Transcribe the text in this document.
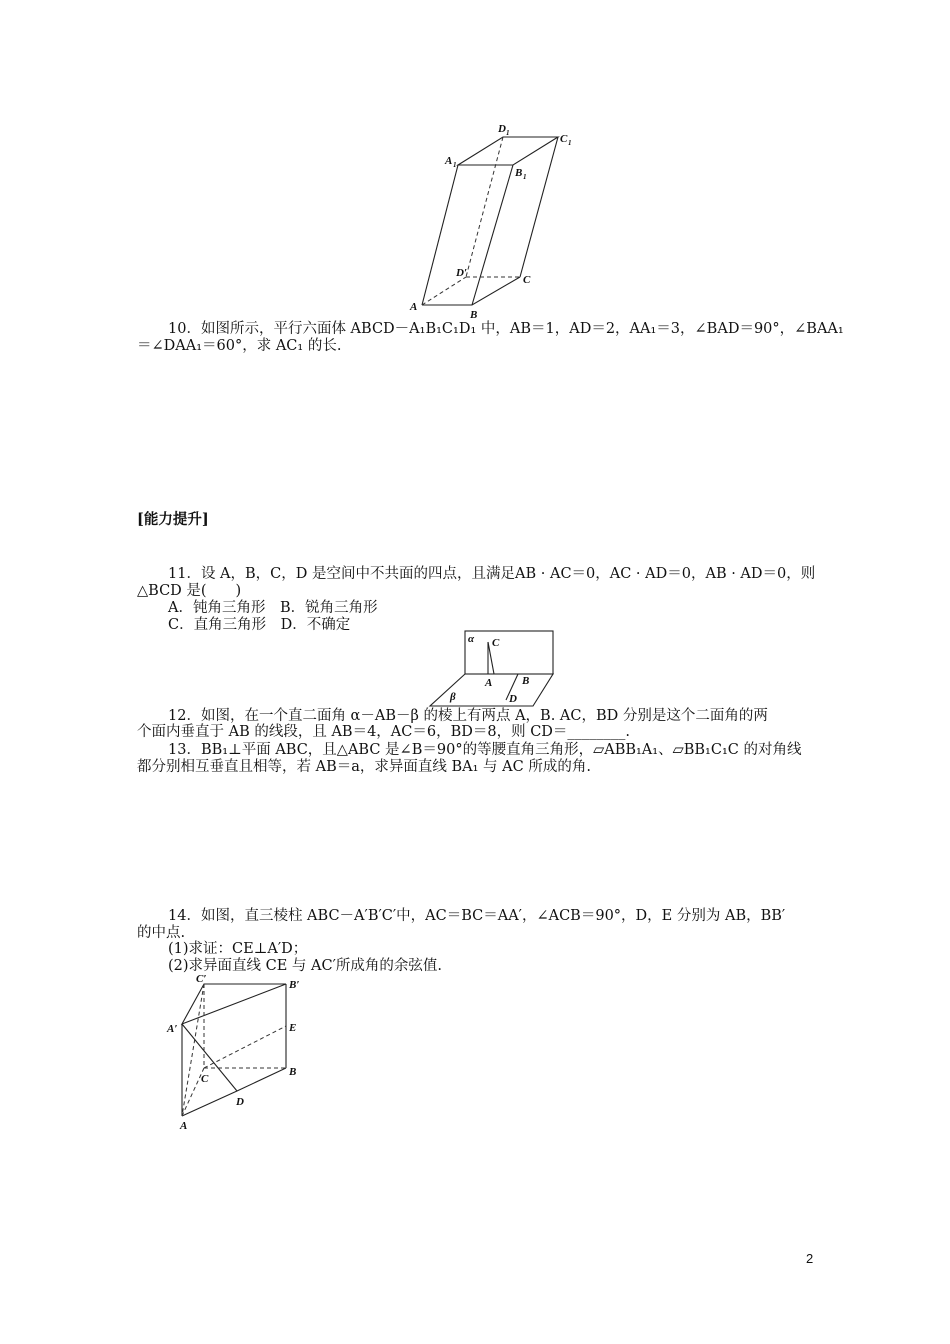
D 1	C 1
A 1
B 1
D′
C
A
B
10．如图所示，平行六面体 ABCD－A₁B₁C₁D₁ 中，AB＝1，AD＝2，AA₁＝3，∠BAD＝90°，∠BAA₁
＝∠DAA₁＝60°，求 AC₁ 的长.
[能力提升]
11．设 A，B，C，D 是空间中不共面的四点，且满足AB · AC＝0，AC · AD＝0，AB · AD＝0，则
△BCD 是(　　)
A．钝角三角形　B．锐角三角形
C．直角三角形　D．不确定
α C
A	B
β	D
12．如图，在一个直二面角 α－AB－β 的棱上有两点 A，B. AC，BD 分别是这个二面角的两
个面内垂直于 AB 的线段，且 AB＝4，AC＝6，BD＝8，则 CD＝________.
13．BB₁⊥平面 ABC，且△ABC 是∠B＝90°的等腰直角三角形，▱ABB₁A₁、▱BB₁C₁C 的对角线
都分别相互垂直且相等，若 AB＝a，求异面直线 BA₁ 与 AC 所成的角.
14．如图，直三棱柱 ABC－A′B′C′中，AC＝BC＝AA′，∠ACB＝90°，D，E 分别为 AB，BB′
的中点.
(1)求证：CE⊥A′D；
(2)求异面直线 CE 与 AC′所成角的余弦值.
C′	B′
A′	E
C
B
D
A
2
